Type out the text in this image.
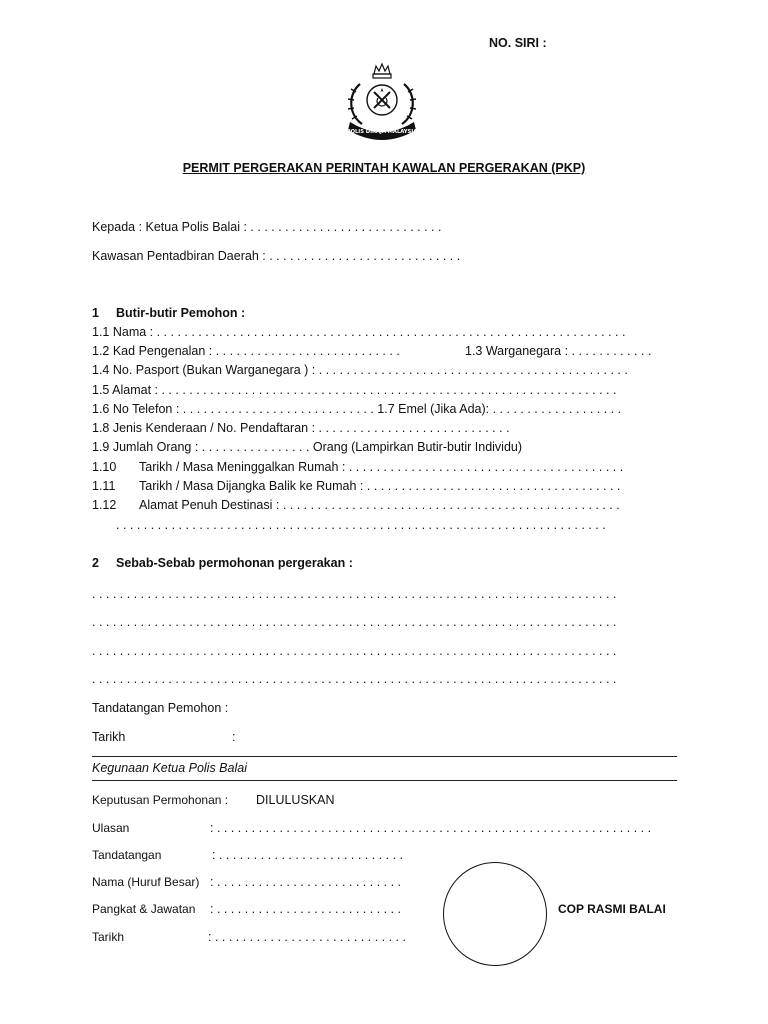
NO. SIRI :
POLIS DIRAJA MALAYSIA
PERMIT PERGERAKAN PERINTAH KAWALAN PERGERAKAN (PKP)
Kepada : Ketua Polis Balai : . . . . . . . . . . . . . . . . . . . . . . . . . . . .
Kawasan Pentadbiran Daerah : . . . . . . . . . . . . . . . . . . . . . . . . . . . .
1 Butir-butir Pemohon :
1.1 Nama : . . . . . . . . . . . . . . . . . . . . . . . . . . . . . . . . . . . . . . . . . . . . . . . . . . . . . . . . . . . . . . . . . . . .
1.2 Kad Pengenalan : . . . . . . . . . . . . . . . . . . . . . . . . . . .	1.3 Warganegara : . . . . . . . . . . . .
1.4 No. Pasport (Bukan Warganegara ) : . . . . . . . . . . . . . . . . . . . . . . . . . . . . . . . . . . . . . . . . . . . . .
1.5 Alamat : . . . . . . . . . . . . . . . . . . . . . . . . . . . . . . . . . . . . . . . . . . . . . . . . . . . . . . . . . . . . . . . . . .
1.6 No Telefon : . . . . . . . . . . . . . . . . . . . . . . . . . . . . 1.7 Emel (Jika Ada): . . . . . . . . . . . . . . . . . . .
1.8 Jenis Kenderaan / No. Pendaftaran : . . . . . . . . . . . . . . . . . . . . . . . . . . . .
1.9 Jumlah Orang : . . . . . . . . . . . . . . . . Orang (Lampirkan Butir-butir Individu)
1.10 Tarikh / Masa Meninggalkan Rumah : . . . . . . . . . . . . . . . . . . . . . . . . . . . . . . . . . . . . . . . .
1.11 Tarikh / Masa Dijangka Balik ke Rumah : . . . . . . . . . . . . . . . . . . . . . . . . . . . . . . . . . . . . .
1.12 Alamat Penuh Destinasi : . . . . . . . . . . . . . . . . . . . . . . . . . . . . . . . . . . . . . . . . . . . . . . . . .
. . . . . . . . . . . . . . . . . . . . . . . . . . . . . . . . . . . . . . . . . . . . . . . . . . . . . . . . . . . . . . . . . . . . . . .
2 Sebab-Sebab permohonan pergerakan :
. . . . . . . . . . . . . . . . . . . . . . . . . . . . . . . . . . . . . . . . . . . . . . . . . . . . . . . . . . . . . . . . . . . . . . . . . . . .
. . . . . . . . . . . . . . . . . . . . . . . . . . . . . . . . . . . . . . . . . . . . . . . . . . . . . . . . . . . . . . . . . . . . . . . . . . . .
. . . . . . . . . . . . . . . . . . . . . . . . . . . . . . . . . . . . . . . . . . . . . . . . . . . . . . . . . . . . . . . . . . . . . . . . . . . .
. . . . . . . . . . . . . . . . . . . . . . . . . . . . . . . . . . . . . . . . . . . . . . . . . . . . . . . . . . . . . . . . . . . . . . . . . . . .
Tandatangan Pemohon :
Tarikh	:
Kegunaan Ketua Polis Balai
Keputusan Permohonan : DILULUSKAN
Ulasan	: . . . . . . . . . . . . . . . . . . . . . . . . . . . . . . . . . . . . . . . . . . . . . . . . . . . . . . . . . . . . . . .
Tandatangan	: . . . . . . . . . . . . . . . . . . . . . . . . . . .
Nama (Huruf Besar) : . . . . . . . . . . . . . . . . . . . . . . . . . . .
Pangkat & Jawatan : . . . . . . . . . . . . . . . . . . . . . . . . . . .
Tarikh	: . . . . . . . . . . . . . . . . . . . . . . . . . . . .
COP RASMI BALAI
